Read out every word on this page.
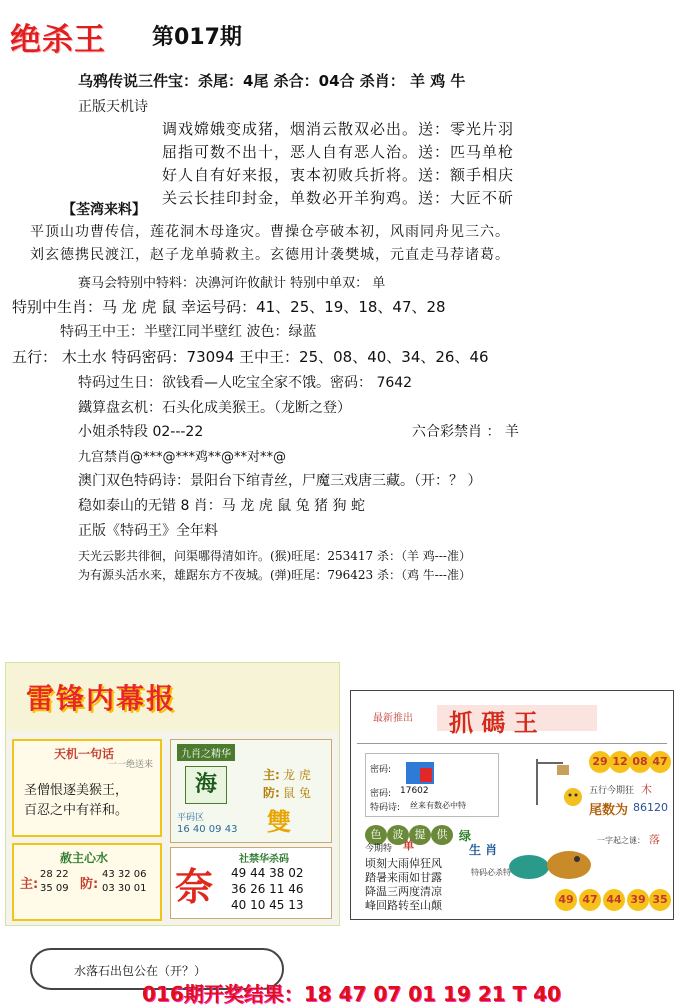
绝杀王 第017期
乌鸦传说三件宝：杀尾：4尾 杀合：04合 杀肖： 羊 鸡 牛
正版天机诗
调戏嫦娥变成猪，烟消云散双必出。送：零光片羽
屈指可数不出十，恶人自有恶人治。送：匹马单枪
好人自有好来报，衷本初败兵折将。送：额手相庆
关云长挂印封金，单数必开羊狗鸡。送：大匠不斫
【荃湾来料】
平顶山功曹传信，莲花洞木母逢灾。曹操仓亭破本初，风雨同舟见三六。
刘玄德携民渡江，赵子龙单骑救主。玄德用计袭樊城，元直走马荐诸葛。
赛马会特别中特料：决濞河许攸献计 特别中单双： 单
特别中生肖：马 龙 虎 鼠 幸运号码：41、25、19、18、47、28
特码王中王：半壁江同半壁红 波色：绿蓝
五行： 木土水 特码密码：73094 王中王：25、08、40、34、26、46
特码过生日：欲钱看—人吃宝全家不饿。密码： 7642
鐵算盘玄机：石头化成美猴王。（龙断之登）
小姐杀特段 02---22	六合彩禁肖 ： 羊
九宫禁肖@***@***鸡**@**对**@
澳门双色特码诗：景阳台下绾青丝，尸魔三戏唐三藏。（开：？ ）
稳如泰山的无错 8 肖：马 龙 虎 鼠 兔 猪 狗 蛇
正版《特码王》全年料
天光云影共徘徊，问渠哪得清如许。(猴)旺尾：253417 杀：（羊 鸡---准）
为有源头活水来，雄踞东方不夜城。(弹)旺尾：796423 杀：（鸡 牛---准）
雷锋内幕报
天机一句话
一一绝送来
圣僧恨逐美猴王，
百忍之中有祥和。
九肖之精华
海
平码区
16 40 09 43
主: 龙 虎
防: 鼠 兔
雙
赦主心水
主:
28 22
35 09 防:
43 32 06
03 30 01 奈
社禁华杀码
49 44 38 02
36 26 11 46
40 10 45 13
最新推出 抓 碼 王
密码:
密码: 17602
特码诗: 丝来有数必中特
29 12 08 47
五行今期狂 木
尾数为 86120
色	波	提	供 绿
今期特 单
顷刻大雨倬狂风
踏暑来雨如甘露
降温三两度清凉
峰回路转至山颠
生 肖
特码必杀特
一字起之谜： 落
49 47 44 39 35
水落石出包公在（开？）
016期开奖结果：18 47 07 01 19 21 T 40
